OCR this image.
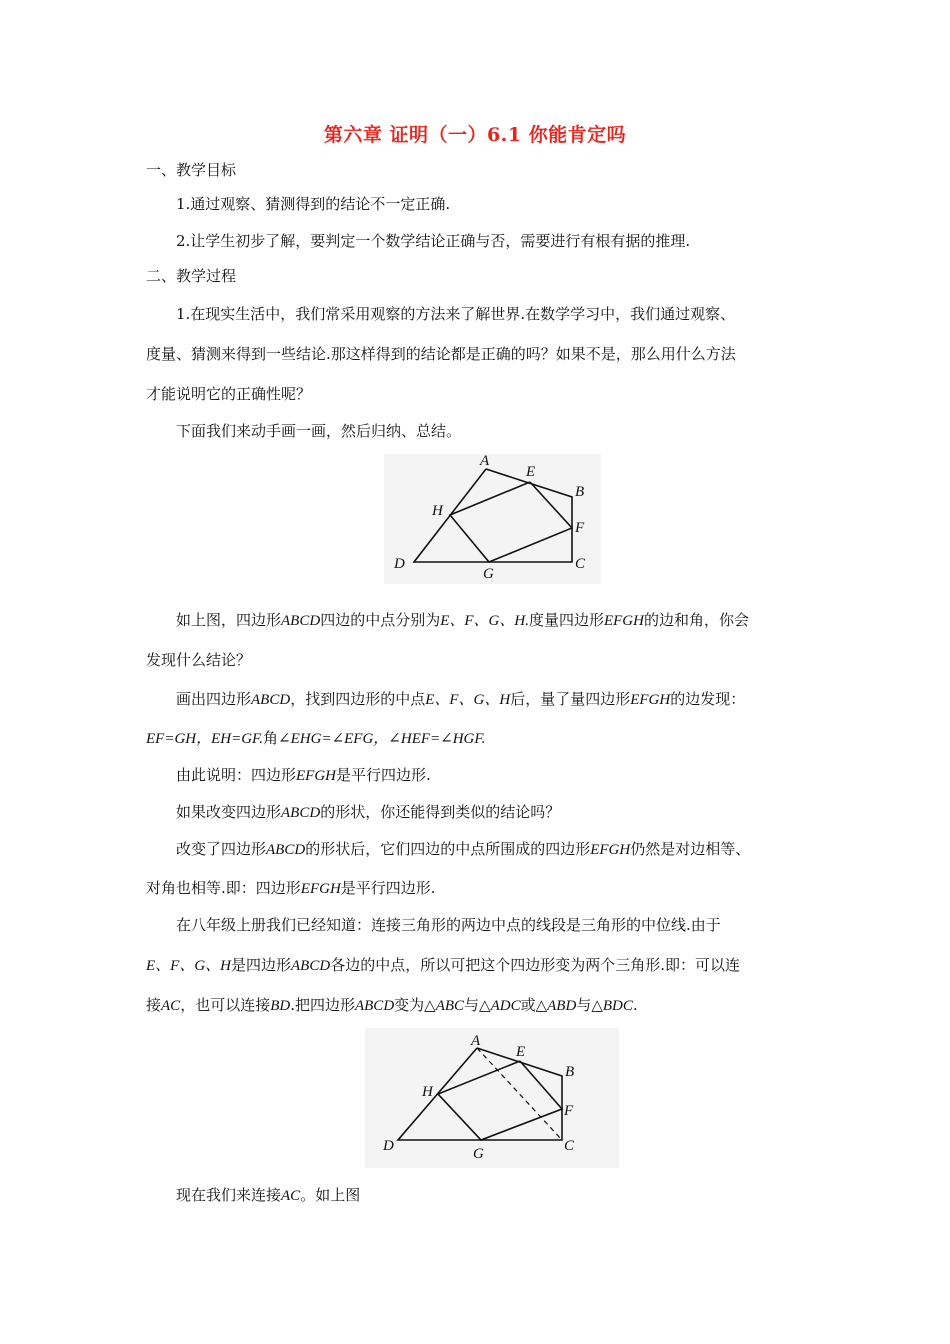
第六章 证明（一）6.1 你能肯定吗
一、教学目标
1.通过观察、猜测得到的结论不一定正确.
2.让学生初步了解，要判定一个数学结论正确与否，需要进行有根有据的推理.
二、教学过程
1.在现实生活中，我们常采用观察的方法来了解世界.在数学学习中，我们通过观察、
度量、猜测来得到一些结论.那这样得到的结论都是正确的吗？如果不是，那么用什么方法
才能说明它的正确性呢？
下面我们来动手画一画，然后归纳、总结。
A
E
B
H
F
D
G
C
如上图，四边形ABCD四边的中点分别为E、F、G、H.度量四边形EFGH的边和角，你会
发现什么结论？
画出四边形ABCD，找到四边形的中点E、F、G、H后，量了量四边形EFGH的边发现：
EF=GH，EH=GF.角∠EHG=∠EFG，∠HEF=∠HGF.
由此说明：四边形EFGH是平行四边形.
如果改变四边形ABCD的形状，你还能得到类似的结论吗？
改变了四边形ABCD的形状后，它们四边的中点所围成的四边形EFGH仍然是对边相等、
对角也相等.即：四边形EFGH是平行四边形.
在八年级上册我们已经知道：连接三角形的两边中点的线段是三角形的中位线.由于
E、F、G、H是四边形ABCD各边的中点，所以可把这个四边形变为两个三角形.即：可以连
接AC，也可以连接BD.把四边形ABCD变为△ABC与△ADC或△ABD与△BDC.
A
E
B
H
F
D	G	C
现在我们来连接AC。如上图
